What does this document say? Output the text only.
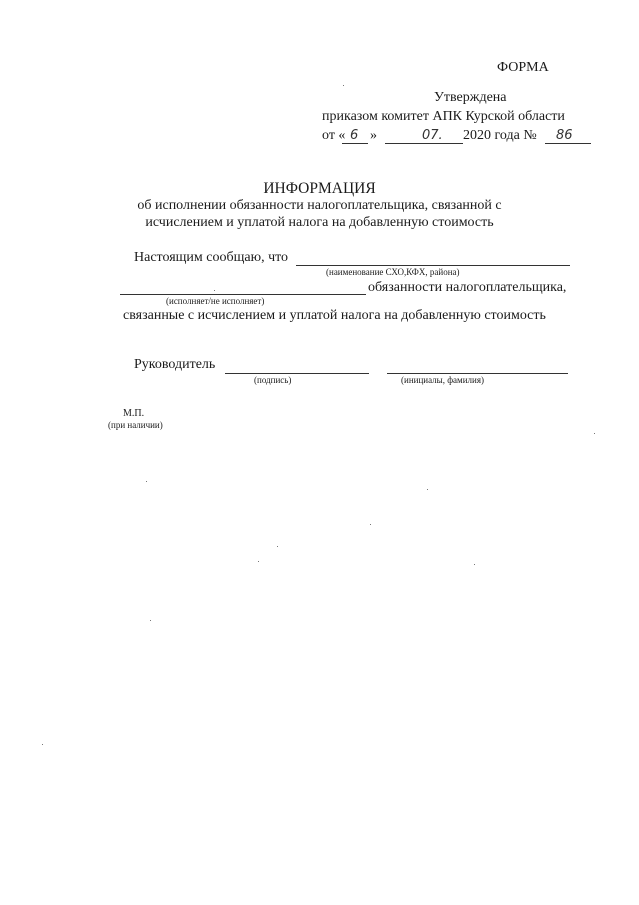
ФОРМА
Утверждена
приказом комитет АПК Курской области
от « 6 »	07. 2020 года № 86
ИНФОРМАЦИЯ
об исполнении обязанности налогоплательщика, связанной с
исчислением и уплатой налога на добавленную стоимость
Настоящим сообщаю, что
(наименование СХО,КФХ, района)
обязанности налогоплательщика,
(исполняет/не исполняет)
связанные с исчислением и уплатой налога на добавленную стоимость
Руководитель
(подпись)	(инициалы, фамилия)
М.П.
(при наличии)
